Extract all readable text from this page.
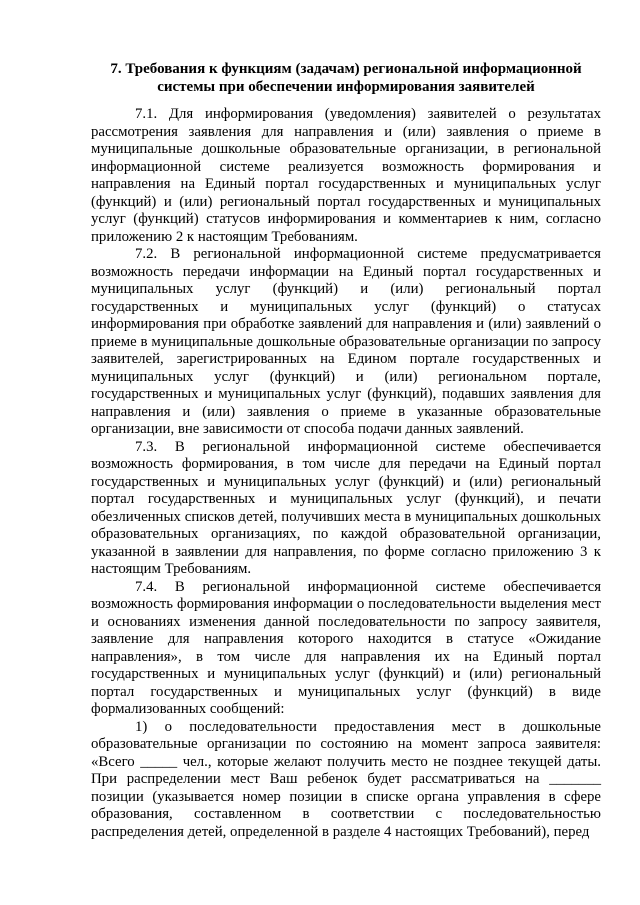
7. Требования к функциям (задачам) региональной информационной
системы при обеспечении информирования заявителей

7.1. Для информирования (уведомления) заявителей о результатах рассмотрения заявления для направления и (или) заявления о приеме в муниципальные дошкольные образовательные организации, в региональной информационной системе реализуется возможность формирования и направления на Единый портал государственных и муниципальных услуг (функций) и (или) региональный портал государственных и муниципальных услуг (функций) статусов информирования и комментариев к ним, согласно приложению 2 к настоящим Требованиям.

7.2. В региональной информационной системе предусматривается возможность передачи информации на Единый портал государственных и муниципальных услуг (функций) и (или) региональный портал государственных и муниципальных услуг (функций) о статусах информирования при обработке заявлений для направления и (или) заявлений о приеме в муниципальные дошкольные образовательные организации по запросу заявителей, зарегистрированных на Едином портале государственных и муниципальных услуг (функций) и (или) региональном портале, государственных и муниципальных услуг (функций), подавших заявления для направления и (или) заявления о приеме в указанные образовательные организации, вне зависимости от способа подачи данных заявлений.

7.3. В региональной информационной системе обеспечивается возможность формирования, в том числе для передачи на Единый портал государственных и муниципальных услуг (функций) и (или) региональный портал государственных и муниципальных услуг (функций), и печати обезличенных списков детей, получивших места в муниципальных дошкольных образовательных организациях, по каждой образовательной организации, указанной в заявлении для направления, по форме согласно приложению 3 к настоящим Требованиям.

7.4. В региональной информационной системе обеспечивается возможность формирования информации о последовательности выделения мест и основаниях изменения данной последовательности по запросу заявителя, заявление для направления которого находится в статусе «Ожидание направления», в том числе для направления их на Единый портал государственных и муниципальных услуг (функций) и (или) региональный портал государственных и муниципальных услуг (функций) в виде формализованных сообщений:

1) о последовательности предоставления мест в дошкольные образовательные организации по состоянию на момент запроса заявителя: «Всего _____ чел., которые желают получить место не позднее текущей даты. При распределении мест Ваш ребенок будет рассматриваться на _______ позиции (указывается номер позиции в списке органа управления в сфере образования, составленном в соответствии с последовательностью распределения детей, определенной в разделе 4 настоящих Требований), перед
